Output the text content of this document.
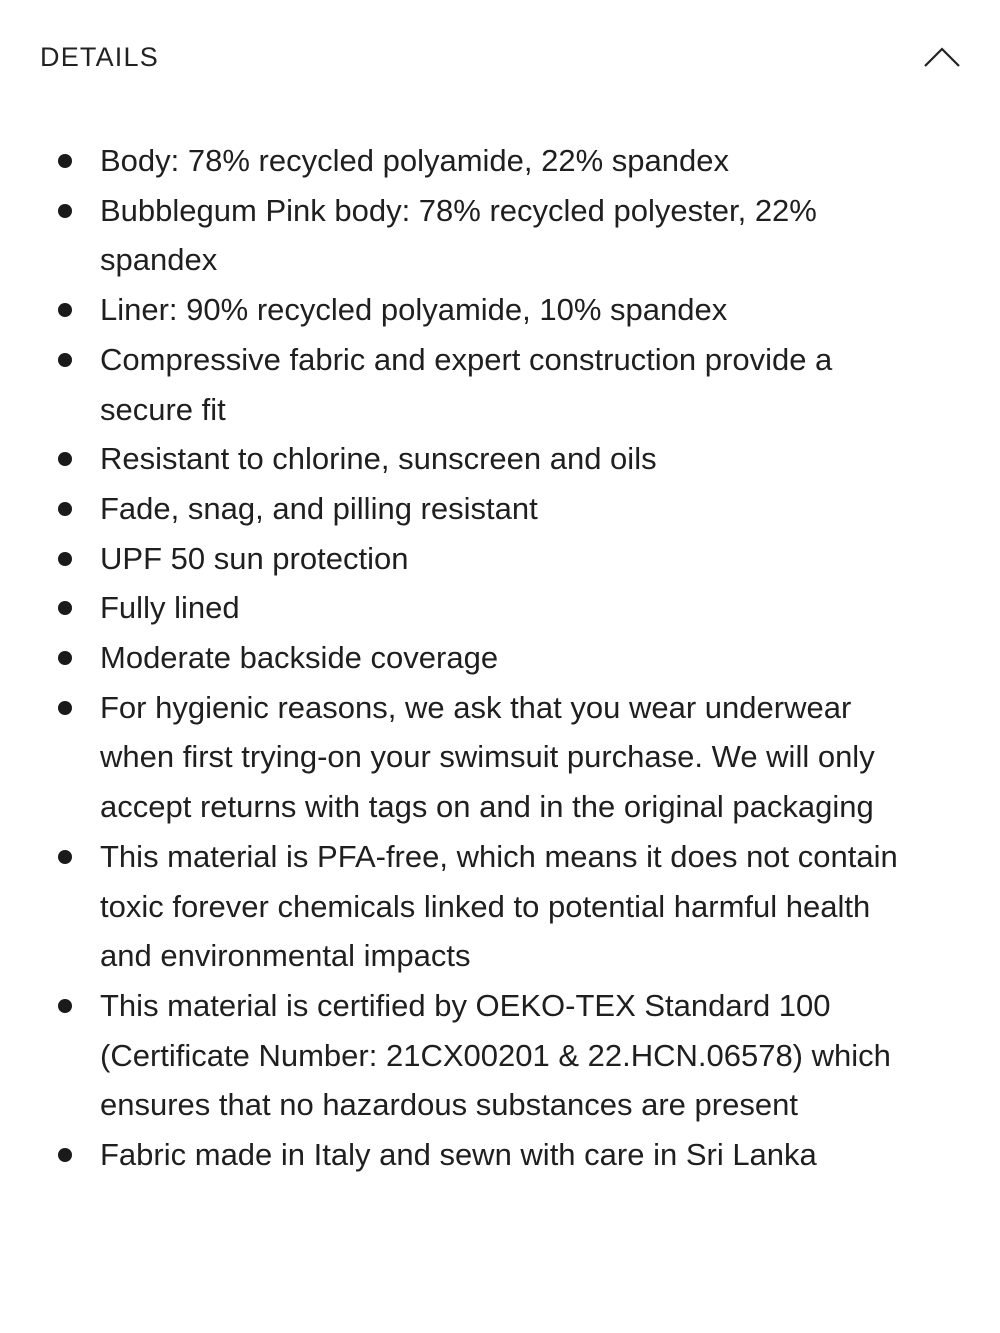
DETAILS
Body: 78% recycled polyamide, 22% spandex
Bubblegum Pink body: 78% recycled polyester, 22% spandex
Liner: 90% recycled polyamide, 10% spandex
Compressive fabric and expert construction provide a secure fit
Resistant to chlorine, sunscreen and oils
Fade, snag, and pilling resistant
UPF 50 sun protection
Fully lined
Moderate backside coverage
For hygienic reasons, we ask that you wear underwear when first trying-on your swimsuit purchase. We will only accept returns with tags on and in the original packaging
This material is PFA-free, which means it does not contain toxic forever chemicals linked to potential harmful health and environmental impacts
This material is certified by OEKO-TEX Standard 100 (Certificate Number: 21CX00201 & 22.HCN.06578) which ensures that no hazardous substances are present
Fabric made in Italy and sewn with care in Sri Lanka
